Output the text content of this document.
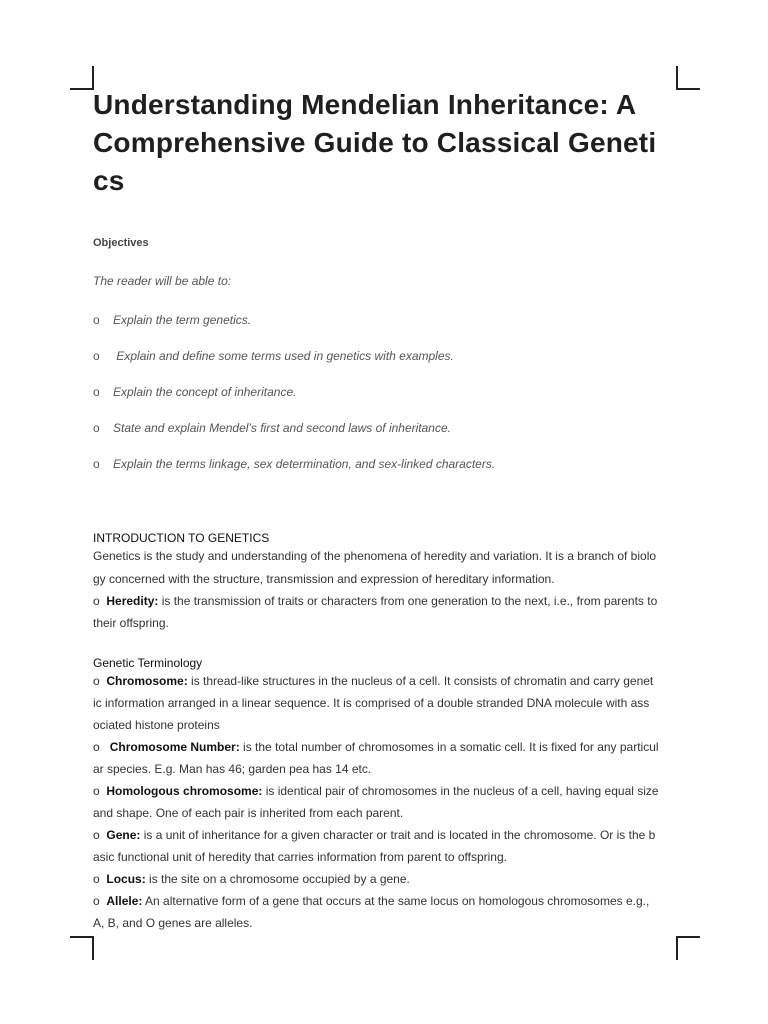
Understanding Mendelian Inheritance: A
Comprehensive Guide to Classical Geneti
cs

Objectives

The reader will be able to:

o Explain the term genetics.

o Explain and define some terms used in genetics with examples.

o Explain the concept of inheritance.

o State and explain Mendel’s first and second laws of inheritance.

o Explain the terms linkage, sex determination, and sex-linked characters.

INTRODUCTION TO GENETICS

Genetics is the study and understanding of the phenomena of heredity and variation. It is a branch of biolo

gy concerned with the structure, transmission and expression of hereditary information.

o Heredity: is the transmission of traits or characters from one generation to the next, i.e., from parents to

their offspring.

Genetic Terminology

o Chromosome: is thread-like structures in the nucleus of a cell. It consists of chromatin and carry genet

ic information arranged in a linear sequence. It is comprised of a double stranded DNA molecule with ass

ociated histone proteins

o Chromosome Number: is the total number of chromosomes in a somatic cell. It is fixed for any particul

ar species. E.g. Man has 46; garden pea has 14 etc.

o Homologous chromosome: is identical pair of chromosomes in the nucleus of a cell, having equal size

and shape. One of each pair is inherited from each parent.

o Gene: is a unit of inheritance for a given character or trait and is located in the chromosome. Or is the b

asic functional unit of heredity that carries information from parent to offspring.

o Locus: is the site on a chromosome occupied by a gene.

o Allele: An alternative form of a gene that occurs at the same locus on homologous chromosomes e.g.,

A, B, and O genes are alleles.
